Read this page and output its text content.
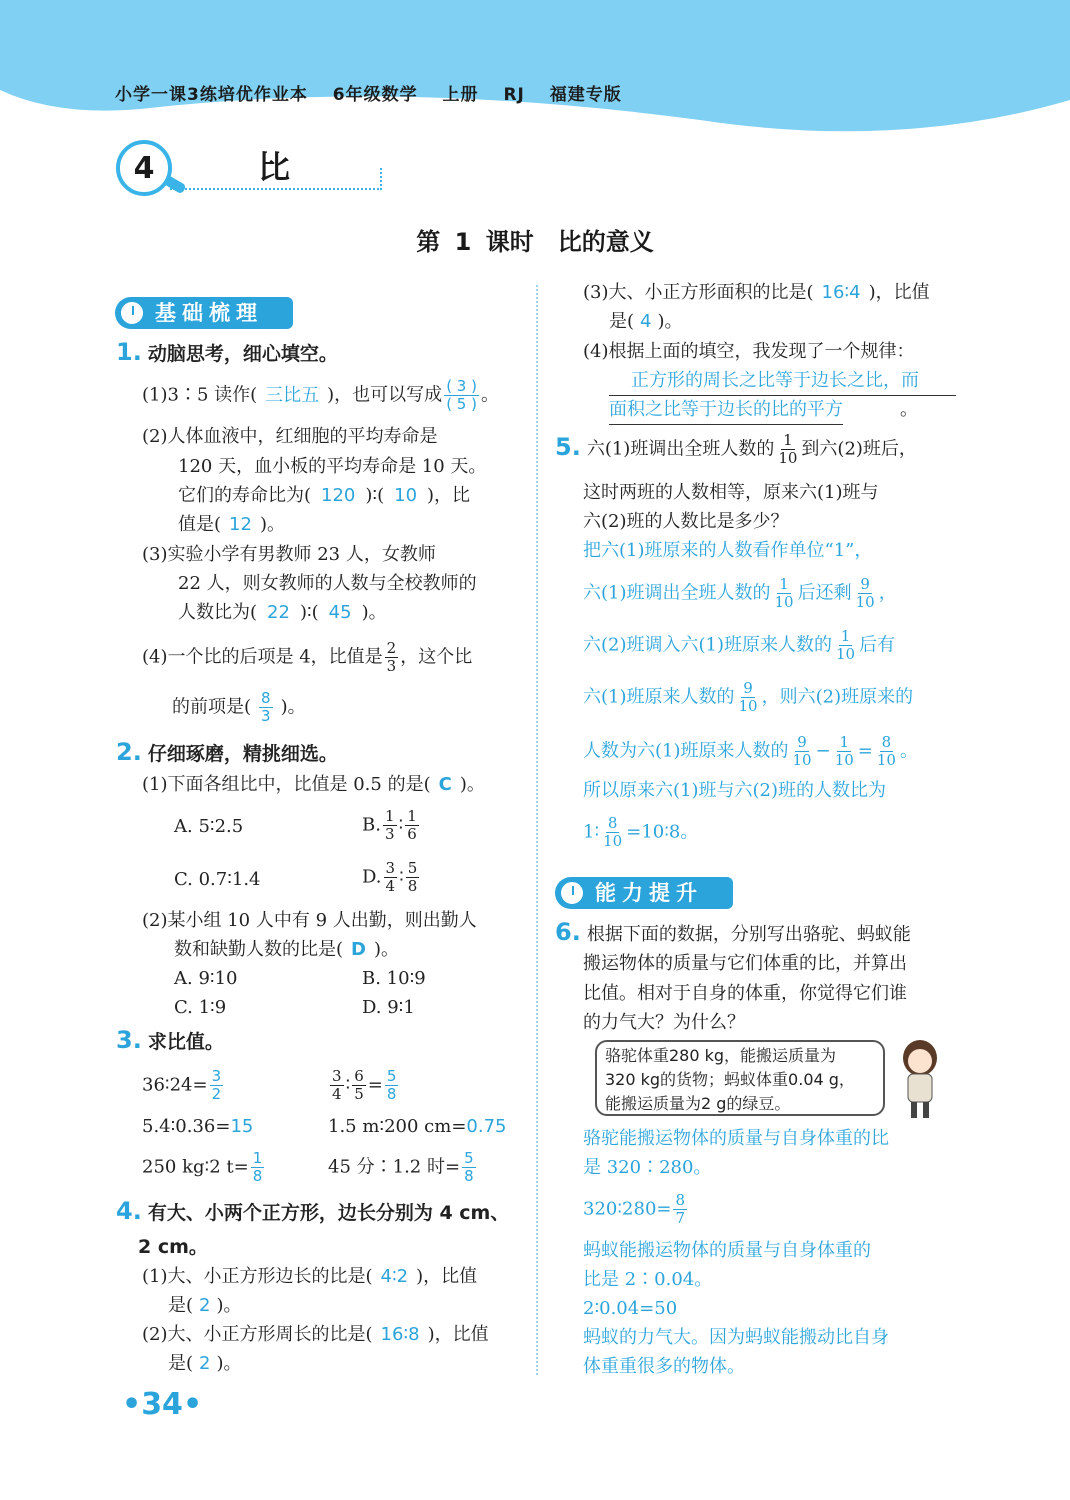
小学一课3练培优作业本 6年级数学 上册 RJ 福建专版
4	比
第 1 课时　比的意义
基础梳理
1. 动脑思考，细心填空。
(1)3∶5 读作( 三比五 )，也可以写成 $\frac{( 3 )}{( 5 )}$ 。
(2)人体血液中，红细胞的平均寿命是
120 天，血小板的平均寿命是 10 天。
它们的寿命比为( 120 )∶( 10 )，比
值是( 12 )。
(3)实验小学有男教师 23 人，女教师
22 人，则女教师的人数与全校教师的
人数比为( 22 )∶( 45 )。
(4)一个比的后项是 4，比值是 $\frac{2}{3}$ ，这个比
的前项是( $\frac{8}{3}$ )。
2. 仔细琢磨，精挑细选。
(1)下面各组比中，比值是 0.5 的是( C )。
A. 5∶2.5	B. $\frac{1}{3}$ ∶ $\frac{1}{6}$
C. 0.7∶1.4	D. $\frac{3}{4}$ ∶ $\frac{5}{8}$
(2)某小组 10 人中有 9 人出勤，则出勤人
数和缺勤人数的比是( D )。
A. 9∶10	B. 10∶9
C. 1∶9	D. 9∶1
3. 求比值。
36∶24= $\frac{3}{2}$	$\frac{3}{4}$ ∶ $\frac{6}{5} = \frac{5}{8}$
5.4∶0.36=15	1.5 m∶200 cm=0.75
250 kg∶2 $t= \frac{1}{8}$	45 分∶1.2 时= $\frac{5}{8}$
4. 有大、小两个正方形，边长分别为 4 cm、
2 cm。
(1)大、小正方形边长的比是( 4∶2 )，比值
是( 2 )。
(2)大、小正方形周长的比是( 16∶8 )，比值
是( 2 )。
•34•
(3)大、小正方形面积的比是( 16∶4 )，比值
是( 4 )。
(4)根据上面的填空，我发现了一个规律：
正方形的周长之比等于边长之比，而
面积之比等于边长的比的平方	。
5. 六(1)班调出全班人数的 $\frac{1}{10}$ 到六(2)班后，
这时两班的人数相等，原来六(1)班与
六(2)班的人数比是多少？
把六(1)班原来的人数看作单位“1”，
六(1)班调出全班人数的 $\frac{1}{10}$ 后还剩 $\frac{9}{10}$ ，
六(2)班调入六(1)班原来人数的 $\frac{1}{10}$ 后有
六(1)班原来人数的 $\frac{9}{10}$ ，则六(2)班原来的
人数为六(1)班原来人数的 $\frac{9}{10} - \frac{1}{10} = \frac{8}{10}$ 。
所以原来六(1)班与六(2)班的人数比为
1∶ $\frac{8}{10}$ =10∶8。
能力提升
6. 根据下面的数据，分别写出骆驼、蚂蚁能
搬运物体的质量与它们体重的比，并算出
比值。相对于自身的体重，你觉得它们谁
的力气大？为什么？
骆驼体重280 kg，能搬运质量为
320 kg的货物；蚂蚁体重0.04 g，
能搬运质量为2 g的绿豆。
骆驼能搬运物体的质量与自身体重的比
是 320∶280。
320∶280= $\frac{8}{7}$
蚂蚁能搬运物体的质量与自身体重的
比是 2∶0.04。
2∶0.04=50
蚂蚁的力气大。因为蚂蚁能搬动比自身
体重重很多的物体。
